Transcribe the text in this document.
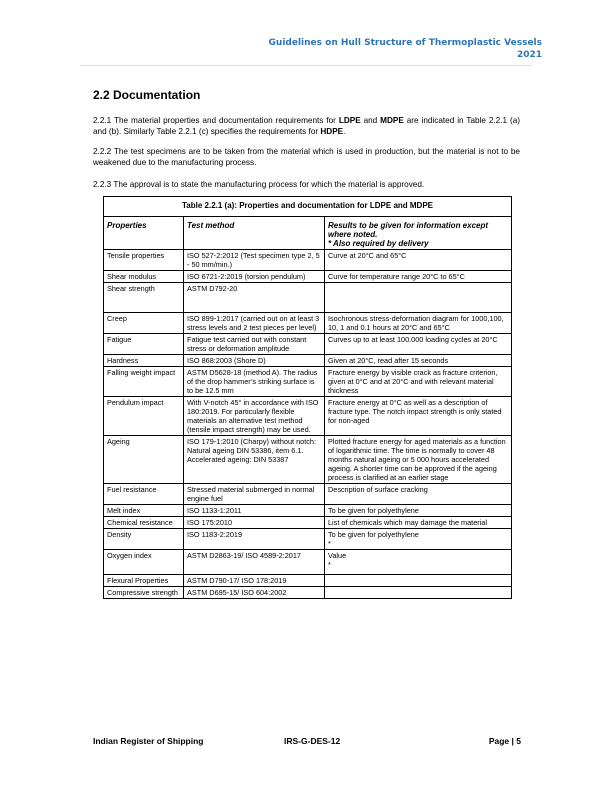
Guidelines on Hull Structure of Thermoplastic Vessels
2021
2.2 Documentation
2.2.1 The material properties and documentation requirements for LDPE and MDPE are indicated in Table 2.2.1 (a) and (b). Similarly Table 2.2.1 (c) specifies the requirements for HDPE.
2.2.2 The test specimens are to be taken from the material which is used in production, but the material is not to be weakened due to the manufacturing process.
2.2.3 The approval is to state the manufacturing process for which the material is approved.
Table 2.2.1 (a): Properties and documentation for LDPE and MDPE		
Properties	Test method	Results to be given for information except where noted.
* Also required by delivery
Tensile properties	ISO 527-2:2012 (Test specimen type 2, 5 - 50 mm/min.)	Curve at 20°C and 65°C
Shear modulus	ISO 6721-2:2019 (torsion pendulum)	Curve for temperature range 20°C to 65°C
Shear strength	ASTM D792-20	
Creep	ISO 899-1:2017 (carried out on at least 3 stress levels and 2 test pieces per level)	Isochronous stress-deformation diagram for 1000,100, 10, 1 and 0.1 hours at 20°C and 65°C
Fatigue	Fatigue test carried out with constant stress or deformation amplitude	Curves up to at least 100.000 loading cycles at 20°C
Hardness	ISO 868:2003 (Shore D)	Given at 20°C, read after 15 seconds
Falling weight impact	ASTM D5628-18 (method A). The radius of the drop hammer’s striking surface is to be 12.5 mm	Fracture energy by visible crack as fracture criterion, given at 0°C and at 20°C and with relevant material thickness
Pendulum impact	With V-notch 45° in accordance with ISO 180:2019. For particularly flexible materials an alternative test method (tensile impact strength) may be used.	Fracture energy at 0°C as well as a description of fracture type. The notch impact strength is only stated for non-aged
Ageing	ISO 179-1:2010 (Charpy) without notch:
Natural ageing DIN 53386, item 6.1. Accelerated ageing: DIN 53387	Plotted fracture energy for aged materials as a function of logarithmic time. The time is normally to cover 48 months natural ageing or 5 000 hours accelerated ageing. A shorter time can be approved if the ageing process is clarified at an earlier stage
Fuel resistance	Stressed material submerged in normal engine fuel	Description of surface cracking
Melt index	ISO 1133-1:2011	To be given for polyethylene
Chemical resistance	ISO 175:2010	List of chemicals which may damage the material
Density	ISO 1183-2:2019	To be given for polyethylene
*
Oxygen index	ASTM D2863-19/ ISO 4589-2:2017	Value
*
Flexural Properties	ASTM D790-17/ ISO 178:2019	
Compressive strength	ASTM D695-15/ ISO 604:2002	
Indian Register of Shipping	IRS-G-DES-12	Page | 5
